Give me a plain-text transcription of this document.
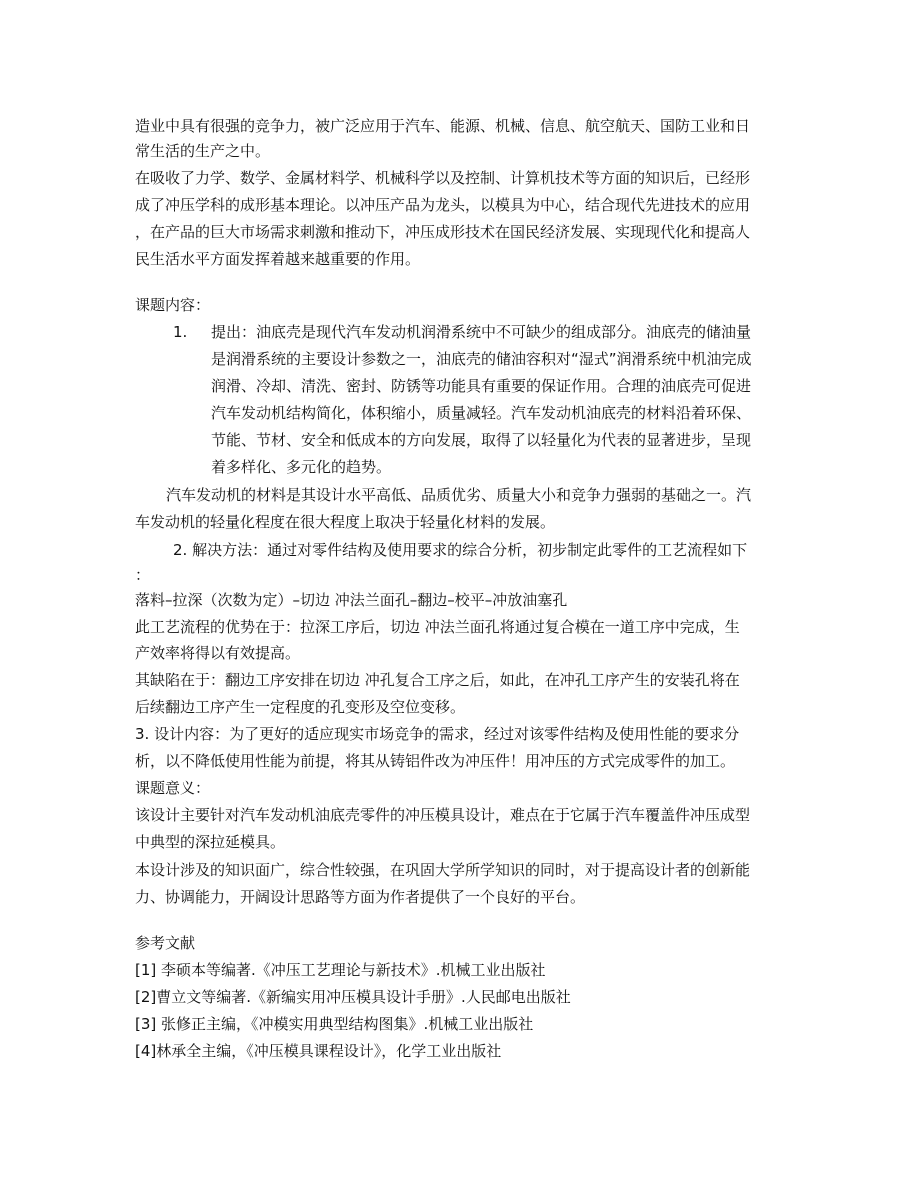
造业中具有很强的竞争力，被广泛应用于汽车、能源、机械、信息、航空航天、国防工业和日
常生活的生产之中。
在吸收了力学、数学、金属材料学、机械科学以及控制、计算机技术等方面的知识后，已经形
成了冲压学科的成形基本理论。以冲压产品为龙头，以模具为中心，结合现代先进技术的应用
，在产品的巨大市场需求刺激和推动下，冲压成形技术在国民经济发展、实现现代化和提高人
民生活水平方面发挥着越来越重要的作用。
课题内容：
1. 提出：油底壳是现代汽车发动机润滑系统中不可缺少的组成部分。油底壳的储油量
是润滑系统的主要设计参数之一，油底壳的储油容积对“湿式”润滑系统中机油完成
润滑、冷却、清洗、密封、防锈等功能具有重要的保证作用。合理的油底壳可促进
汽车发动机结构简化，体积缩小，质量减轻。汽车发动机油底壳的材料沿着环保、
节能、节材、安全和低成本的方向发展，取得了以轻量化为代表的显著进步，呈现
着多样化、多元化的趋势。
汽车发动机的材料是其设计水平高低、品质优劣、质量大小和竞争力强弱的基础之一。汽
车发动机的轻量化程度在很大程度上取决于轻量化材料的发展。
2. 解决方法：通过对零件结构及使用要求的综合分析，初步制定此零件的工艺流程如下
：
落料–拉深（次数为定）–切边 冲法兰面孔–翻边–校平–冲放油塞孔
此工艺流程的优势在于：拉深工序后，切边 冲法兰面孔将通过复合模在一道工序中完成，生
产效率将得以有效提高。
其缺陷在于：翻边工序安排在切边 冲孔复合工序之后，如此，在冲孔工序产生的安装孔将在
后续翻边工序产生一定程度的孔变形及空位变移。
3. 设计内容：为了更好的适应现实市场竞争的需求，经过对该零件结构及使用性能的要求分
析，以不降低使用性能为前提，将其从铸铝件改为冲压件！用冲压的方式完成零件的加工。
课题意义：
该设计主要针对汽车发动机油底壳零件的冲压模具设计，难点在于它属于汽车覆盖件冲压成型
中典型的深拉延模具。
本设计涉及的知识面广，综合性较强，在巩固大学所学知识的同时，对于提高设计者的创新能
力、协调能力，开阔设计思路等方面为作者提供了一个良好的平台。
参考文献
[1] 李硕本等编著.《冲压工艺理论与新技术》.机械工业出版社
[2]曹立文等编著.《新编实用冲压模具设计手册》.人民邮电出版社
[3] 张修正主编，《冲模实用典型结构图集》.机械工业出版社
[4]林承全主编，《冲压模具课程设计》，化学工业出版社
